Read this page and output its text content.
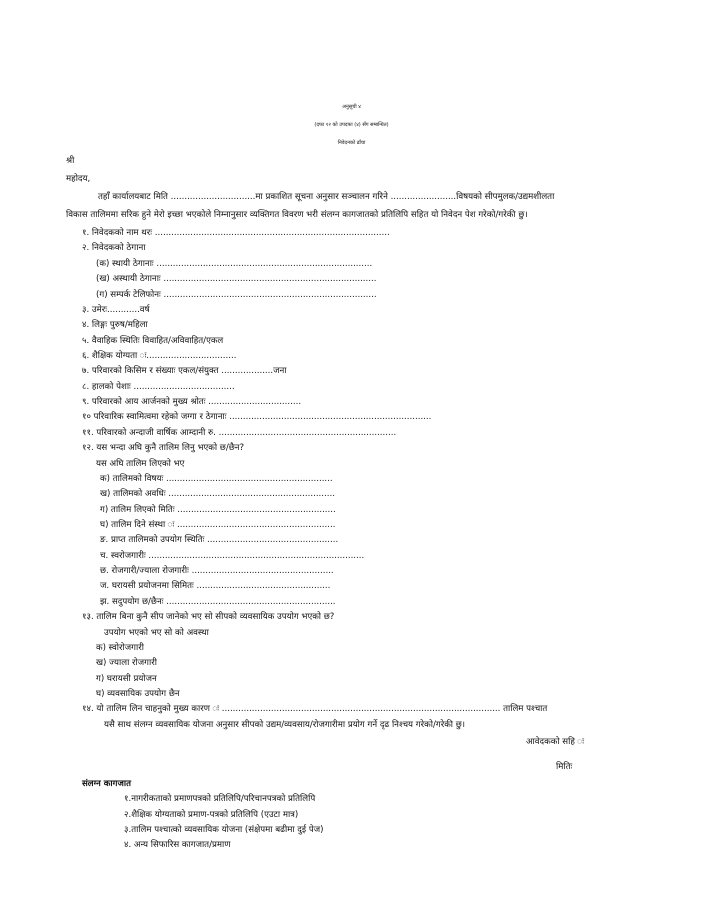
अनुसूची ४
(दफा १२ को उपदफा (४) सँग सम्बन्धित)
निवेदनको ढाँचा
श्री
महोदय,
तहाँ कार्यालयबाट मिति ...............................मा प्रकाशित सूचना अनुसार सञ्चालन गरिने ........................विषयको सीपमुलक/उद्यमशीलता
विकास तालिममा सरिक हुने मेरो इच्छा भएकोले निम्नानुसार व्यक्तिगत विवरण भरी संलग्न कागजातको प्रतिलिपि सहित यो निवेदन पेश गरेको/गरेकी छु।
१. निवेदकको नाम थरः ......................................................................................
२. निवेदकको ठेगाना
(क) स्थायी ठेगानाः ...............................................................................
(ख) अस्थायी ठेगानाः ..............................................................................
(ग) सम्पर्क टेलिफोनः ..............................................................................
३. उमेरः............वर्ष
४. लिङ्गः पुरुष/महिला
५. वैवाहिक स्थितिः विवाहित/अविवाहित/एकल
६. शैक्षिक योग्यता ः.................................
७. परिवारको किसिम र संख्याः एकल/संयुक्त ...................जना
८. हालको पेशाः .....................................
९. परिवारको आय आर्जनको मुख्य श्रोतः ..................................
१० परिवारिक स्वामित्वमा रहेको जग्गा र ठेगानाः ..........................................................................
११. परिवारको अन्दाजी वार्षिक आम्दानी रु. .................................................................
१२. यस भन्दा अघि कुनै तालिम लिनु भएको छ/छैन?
यस अघि तालिम लिएको भए
क) तालिमको विषयः .............................................................
ख) तालिमको अवधिः .............................................................
ग) तालिम लिएको मितिः ..........................................................
घ) तालिम दिने संस्था ः ..........................................................
ङ. प्राप्त तालिमको उपयोग स्थितिः ................................................
च. स्वरोजगारीः ...............................................................................
छ. रोजगारी/ज्याला रोजगारीः ....................................................
ज. घरायसी प्रयोजनमा सिमितः .................................................
झ. सदुपयोग छ/छैनः ..............................................................
१३. तालिम बिना कुनै सीप जानेको भए सो सीपको व्यवसायिक उपयोग भएको छ?
उपयोग भएको भए सो को अवस्था
क) स्वोरोजगारी
ख) ज्याला रोजगारी
ग) घरायसी प्रयोजन
घ) व्यवसायिक उपयोग छैन
१४. यो तालिम लिन चाहनुको मुख्य कारण ः ...................................................................................................... तालिम पश्चात
यसै साथ संलग्न व्यवसायिक योजना अनुसार सीपको उद्यम/व्यवसाय/रोजगारीमा प्रयोग गर्ने दृढ निश्चय गरेको/गरेकी छु।
आवेदकको सहि ः
मितिः
संलग्न कागजात
१.नागरीकताको प्रमाणपत्रको प्रतिलिपि/परिचानपत्रको प्रतिलिपि
२.शैक्षिक योग्यताको प्रमाण-पत्रको प्रतिलिपि (एउटा मात्र)
३.तालिम पश्चात्को व्यवसायिक योजना (संक्षेपमा बढीमा दुई पेज)
४. अन्य सिफारिस कागजात/प्रमाण
